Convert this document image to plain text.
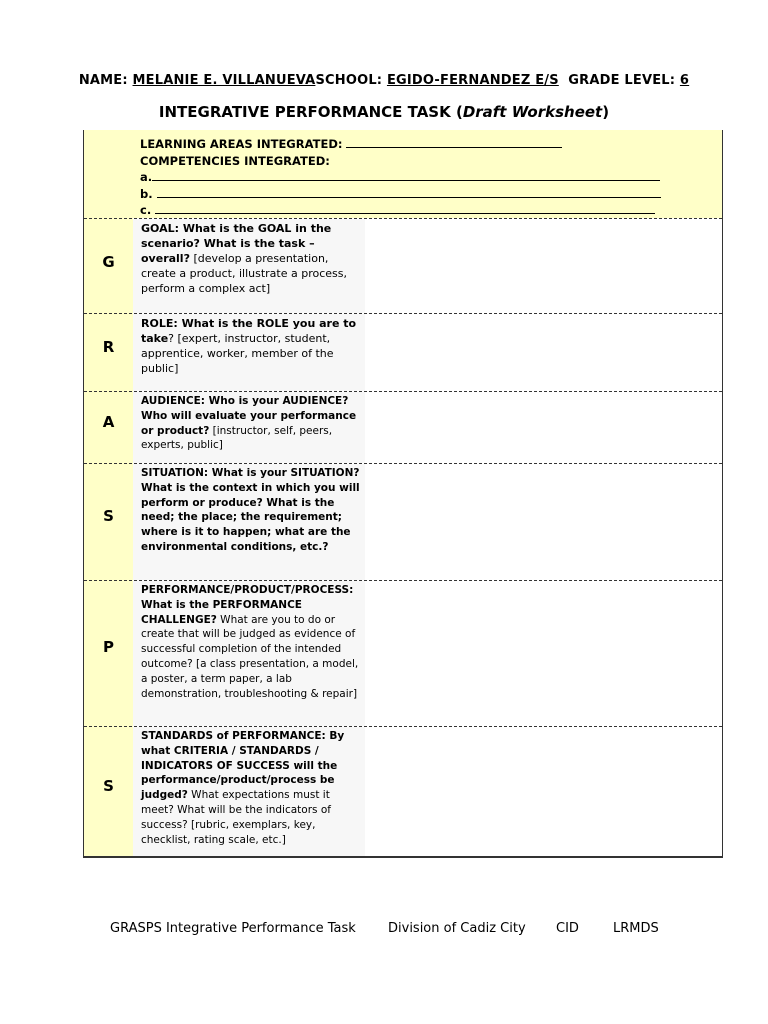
NAME: MELANIE E. VILLANUEVASCHOOL: EGIDO-FERNANDEZ E/S  GRADE LEVEL: 6
INTEGRATIVE PERFORMANCE TASK (Draft Worksheet)
LEARNING AREAS INTEGRATED:
COMPETENCIES INTEGRATED:
a.
b.
c.
G
GOAL: What is the GOAL in the scenario? What is the task – overall? [develop a presentation, create a product, illustrate a process, perform a complex act]
R
ROLE: What is the ROLE you are to take? [expert, instructor, student, apprentice, worker, member of the public]
A
AUDIENCE: Who is your AUDIENCE? Who will evaluate your performance or product? [instructor, self, peers, experts, public]
S
SITUATION: What is your SITUATION? What is the context in which you will perform or produce? What is the need; the place; the requirement; where is it to happen; what are the environmental conditions, etc.?
P
PERFORMANCE/PRODUCT/PROCESS: What is the PERFORMANCE CHALLENGE? What are you to do or create that will be judged as evidence of successful completion of the intended outcome? [a class presentation, a model, a poster, a term paper, a lab demonstration, troubleshooting & repair]
S
STANDARDS of PERFORMANCE: By what CRITERIA / STANDARDS / INDICATORS OF SUCCESS will the performance/product/process be judged? What expectations must it meet? What will be the indicators of success? [rubric, exemplars, key, checklist, rating scale, etc.]
GRASPS Integrative Performance Task Division of Cadiz City CID	LRMDS
